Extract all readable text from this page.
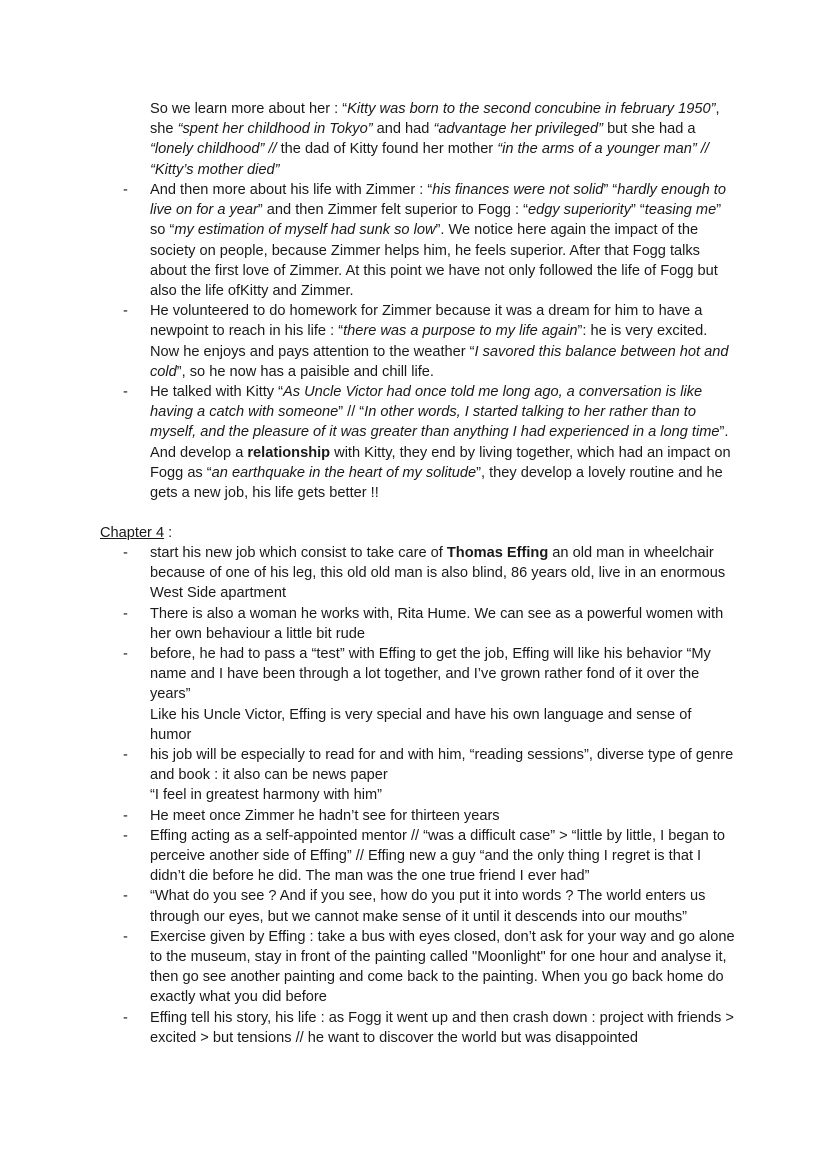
So we learn more about her : “Kitty was born to the second concubine in february 1950”, she “spent her childhood in Tokyo” and had “advantage her privileged” but she had a “lonely childhood” // the dad of Kitty found her mother “in the arms of a younger man” // “Kitty’s mother died”
- And then more about his life with Zimmer : “his finances were not solid” “hardly enough to live on for a year” and then Zimmer felt superior to Fogg : “edgy superiority” “teasing me” so “my estimation of myself had sunk so low”. We notice here again the impact of the society on people, because Zimmer helps him, he feels superior. After that Fogg talks about the first love of Zimmer. At this point we have not only followed the life of Fogg but also the life ofKitty and Zimmer.
- He volunteered to do homework for Zimmer because it was a dream for him to have a newpoint to reach in his life : “there was a purpose to my life again”: he is very excited. Now he enjoys and pays attention to the weather “I savored this balance between hot and cold”, so he now has a paisible and chill life.
- He talked with Kitty “As Uncle Victor had once told me long ago, a conversation is like having a catch with someone” // “In other words, I started talking to her rather than to myself, and the pleasure of it was greater than anything I had experienced in a long time”. And develop a relationship with Kitty, they end by living together, which had an impact on Fogg as “an earthquake in the heart of my solitude”, they develop a lovely routine and he gets a new job, his life gets better !!
Chapter 4 :
- start his new job which consist to take care of Thomas Effing an old man in wheelchair because of one of his leg, this old old man is also blind, 86 years old, live in an enormous West Side apartment
- There is also a woman he works with, Rita Hume. We can see as a powerful women with her own behaviour a little bit rude
- before, he had to pass a “test” with Effing to get the job, Effing will like his behavior “My name and I have been through a lot together, and I’ve grown rather fond of it over the years”
Like his Uncle Victor, Effing is very special and have his own language and sense of humor
- his job will be especially to read for and with him, “reading sessions”, diverse type of genre and book : it also can be news paper
“I feel in greatest harmony with him”
- He meet once Zimmer he hadn’t see for thirteen years
- Effing acting as a self-appointed mentor // “was a difficult case” > “little by little, I began to perceive another side of Effing” // Effing new a guy “and the only thing I regret is that I didn’t die before he did. The man was the one true friend I ever had”
- “What do you see ? And if you see, how do you put it into words ? The world enters us through our eyes, but we cannot make sense of it until it descends into our mouths”
- Exercise given by Effing : take a bus with eyes closed, don’t ask for your way and go alone to the museum, stay in front of the painting called "Moonlight" for one hour and analyse it, then go see another painting and come back to the painting. When you go back home do exactly what you did before
- Effing tell his story, his life : as Fogg it went up and then crash down : project with friends > excited > but tensions // he want to discover the world but was disappointed
